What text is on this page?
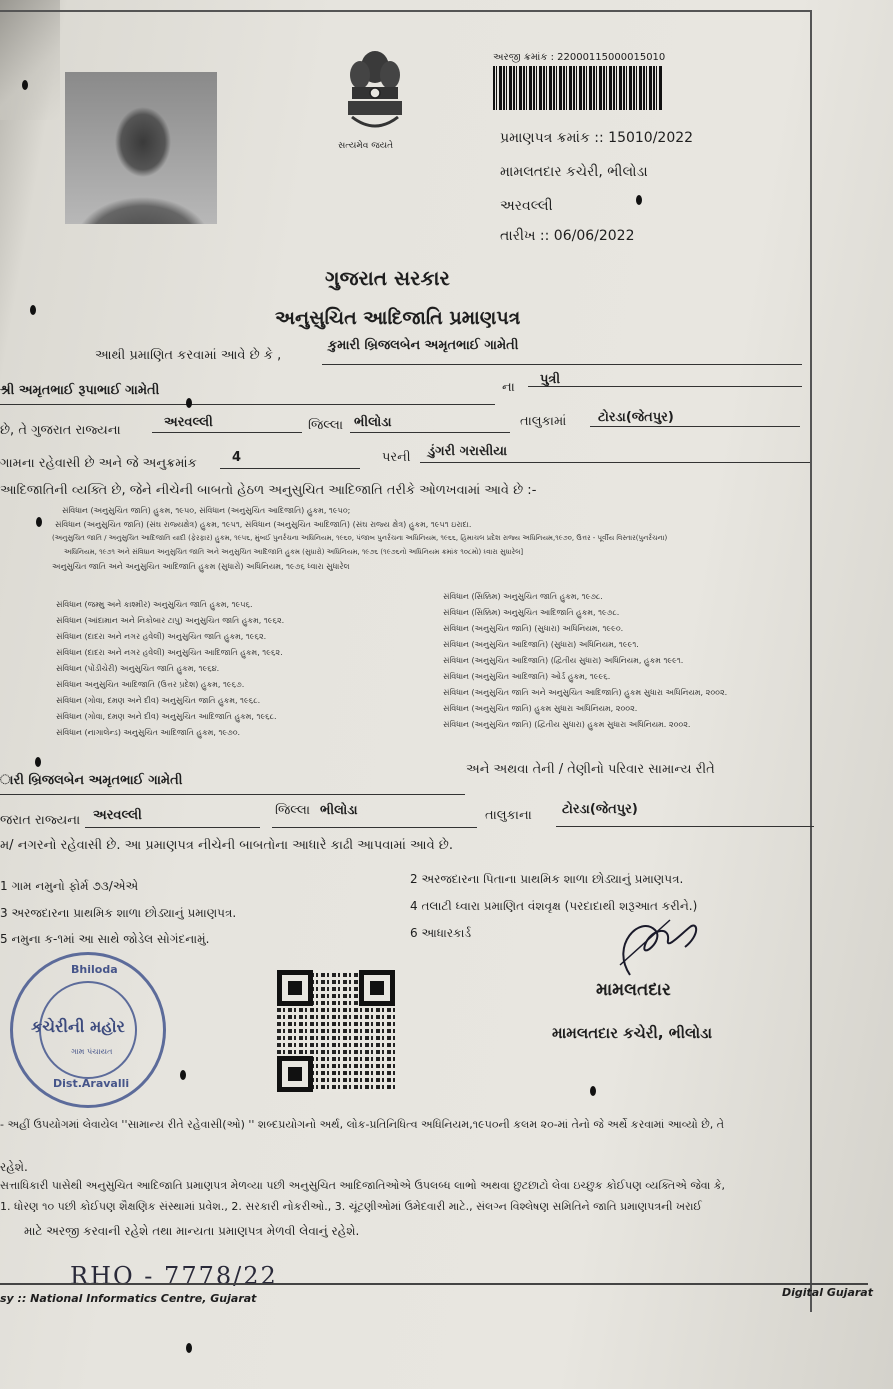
સત્યમેવ જયતે
અરજી ક્રમાંક : 22000115000015010
પ્રમાણપત્ર ક્રમાંક :: 15010/2022
મામલતદાર કચેરી, ભીલોડા
અરવલ્લી
તારીખ :: 06/06/2022
ગુજરાત સરકાર
અનુસુચિત આદિજાતિ પ્રમાણપત્ર
આથી પ્રમાણિત કરવામાં આવે છે કે ,
કુમારી બ્રિજલબેન અમૃતભાઈ ગામેતી
શ્રી અમૃતભાઈ રૂપાભાઈ ગામેતી	ના
પુત્રી
છે, તે ગુજરાત રાજ્યના
અરવલ્લી	જિલ્લા ભીલોડા	તાલુકામાં ટોરડા(જેતપુર)
ગામના રહેવાસી છે અને જે અનુક્રમાંક	4	પરની ડુંગરી ગરાસીયા
આદિજાતિની વ્યક્તિ છે, જેને નીચેની બાબતો હેઠળ અનુસુચિત આદિજાતિ તરીકે ઓળખવામાં આવે છે :-
સંવિધાન (અનુસુચિત જાતિ) હુકમ, ૧૯૫૦, સંવિધાન (અનુસુચિત આદિજાતિ) હુકમ, ૧૯૫૦;
સંવિધાન (અનુસુચિત જાતિ) (સંઘ રાજ્યક્ષેત્ર) હુકમ, ૧૯૫૧, સંવિધાન (અનુસુચિત આદિજાતિ) (સંઘ રાજ્ય ક્ષેત્ર) હુકમ, ૧૯૫૧ ઇરાદા.
(અનુસુચિત જાતિ / અનુસુચિત આદિજાતિ યાદી (ફેરફાર) હુકમ, ૧૯૫૬, મુંબઈ પુનર્રચના અધિનિયમ, ૧૯૬૦, પંજાબ પુનર્રચના અધિનિયમ, ૧૯૬૬, હિમાચલ પ્રદેશ રાજ્ય અધિનિયમ,૧૯૭૦, ઉત્તર - પૂર્વીય વિસ્તાર(પુનર્રચના)
અધિનિયમ, ૧૯૭૧ અને સંવિધાન અનુસુચિત જાતિ અને અનુસુચિત આદિજાતિ હુકમ (સુધારો) અધિનિયમ, ૧૯૭૬ (૧૯૭૬નો અધિનિયમ ક્રમાંક ૧૦૮મો) ધ્વારા સુધારેલ]
અનુસુચિત જાતિ અને અનુસુચિત આદિજાતિ હુકમ (સુધારો) અધિનિયમ, ૧૯૭૬ ધ્વારા સુધારેલ
સંવિધાન (જમ્મુ અને કાશ્મીર) અનુસુચિત જાતિ હુકમ, ૧૯૫૬.
સંવિધાન (આંદામાન અને નિકોબાર ટાપુ) અનુસુચિત જાતિ હુકમ, ૧૯૬૨.
સંવિધાન (દાદરા અને નગર હવેલી) અનુસુચિત જાતિ હુકમ, ૧૯૬૨.
સંવિધાન (દાદરા અને નગર હવેલી) અનુસુચિત આદિજાતિ હુકમ, ૧૯૬૨.
સંવિધાન (પોંડીચેરી) અનુસુચિત જાતિ હુકમ, ૧૯૬૪.
સંવિધાન અનુસુચિત આદિજાતિ (ઉત્તર પ્રદેશ) હુકમ, ૧૯૬૭.
સંવિધાન (ગોવા, દમણ અને દીવ) અનુસુચિત જાતિ હુકમ, ૧૯૬૮.
સંવિધાન (ગોવા, દમણ અને દીવ) અનુસુચિત આદિજાતિ હુકમ, ૧૯૬૮.
સંવિધાન (નાગાલેન્ડ) અનુસુચિત આદિજાતિ હુકમ, ૧૯૭૦.
સંવિધાન (સિક્કિમ) અનુસુચિત જાતિ હુકમ, ૧૯૭૮.
સંવિધાન (સિક્કિમ) અનુસુચિત આદિજાતિ હુકમ, ૧૯૭૮.
સંવિધાન (અનુસુચિત જાતિ) (સુધારા) અધિનિયમ, ૧૯૯૦.
સંવિધાન (અનુસુચિત આદિજાતિ) (સુધારા) અધિનિયમ, ૧૯૯૧.
સંવિધાન (અનુસુચિત આદિજાતિ) (દ્વિતીય સુધારા) અધિનિયમ, હુકમ ૧૯૯૧.
સંવિધાન (અનુસુચિત આદિજાતિ) ઓર્ડ હુકમ, ૧૯૯૬.
સંવિધાન (અનુસુચિત જાતિ અને અનુસુચિત આદિજાતિ) હુકમ સુધારા અધિનિયમ, ૨૦૦૨.
સંવિધાન (અનુસુચિત જાતિ) હુકમ સુધારા અધિનિયમ, ૨૦૦૨.
સંવિધાન (અનુસુચિત જાતિ) (દ્વિતીય સુધારા) હુકમ સુધારા અધિનિયમ. ૨૦૦૨.
ારી બ્રિજલબેન અમૃતભાઈ ગામેતી
અને અથવા તેની / તેણીનો પરિવાર સામાન્ય રીતે
જરાત રાજ્યના અરવલ્લી	જિલ્લા ભીલોડા	તાલુકાના ટોરડા(જેતપુર)
મ/ નગરનો રહેવાસી છે. આ પ્રમાણપત્ર નીચેની બાબતોના આધારે કાઢી આપવામાં આવે છે.
1 ગામ નમુનો ફોર્મ ૭૩/એએ	2 અરજદારના પિતાના પ્રાથમિક શાળા છોડ્યાનું પ્રમાણપત્ર.
3 અરજદારના પ્રાથમિક શાળા છોડ્યાનું પ્રમાણપત્ર.	4 તલાટી ધ્વારા પ્રમાણિત વંશવૃક્ષ (પરદાદાથી શરૂઆત કરીને.)
5 નમુના ક-૧માં આ સાથે જોડેલ સોગંદનામું.	6 આધારકાર્ડ
Bhiloda
કચેરીની મહોર
ગામ પંચાયત
Dist.Aravalli
મામલતદાર
મામલતદાર કચેરી, ભીલોડા
- અહીં ઉપયોગમાં લેવાયેલ ''સામાન્ય રીતે રહેવાસી(ઓ) '' શબ્દપ્રયોગનો અર્થ, લોક-પ્રતિનિધિત્વ અધિનિયમ,૧૯૫૦ની કલમ ૨૦-માં તેનો જે અર્થે કરવામાં આવ્યો છે, તે
રહેશે.
સત્તાધિકારી પાસેથી અનુસુચિત આદિજાતિ પ્રમાણપત્ર મેળવ્યા પછી અનુસુચિત આદિજાતિઓએ ઉપલબ્ધ લાભો અથવા છુટછાટો લેવા ઇચ્છુક કોઈપણ વ્યક્તિએ જેવા કે,
1. ધોરણ ૧૦ પછી કોઈપણ શૈક્ષણિક સંસ્થામાં પ્રવેશ., 2. સરકારી નોકરીઓ., 3. ચૂંટણીઓમાં ઉમેદવારી માટે., સંલગ્ન વિશ્લેષણ સમિતિને જાતિ પ્રમાણપત્રની ખરાઈ
માટે અરજી કરવાની રહેશે તથા માન્યતા પ્રમાણપત્ર મેળવી લેવાનું રહેશે.
RHO - 7778/22
sy :: National Informatics Centre, Gujarat	Digital Gujarat
